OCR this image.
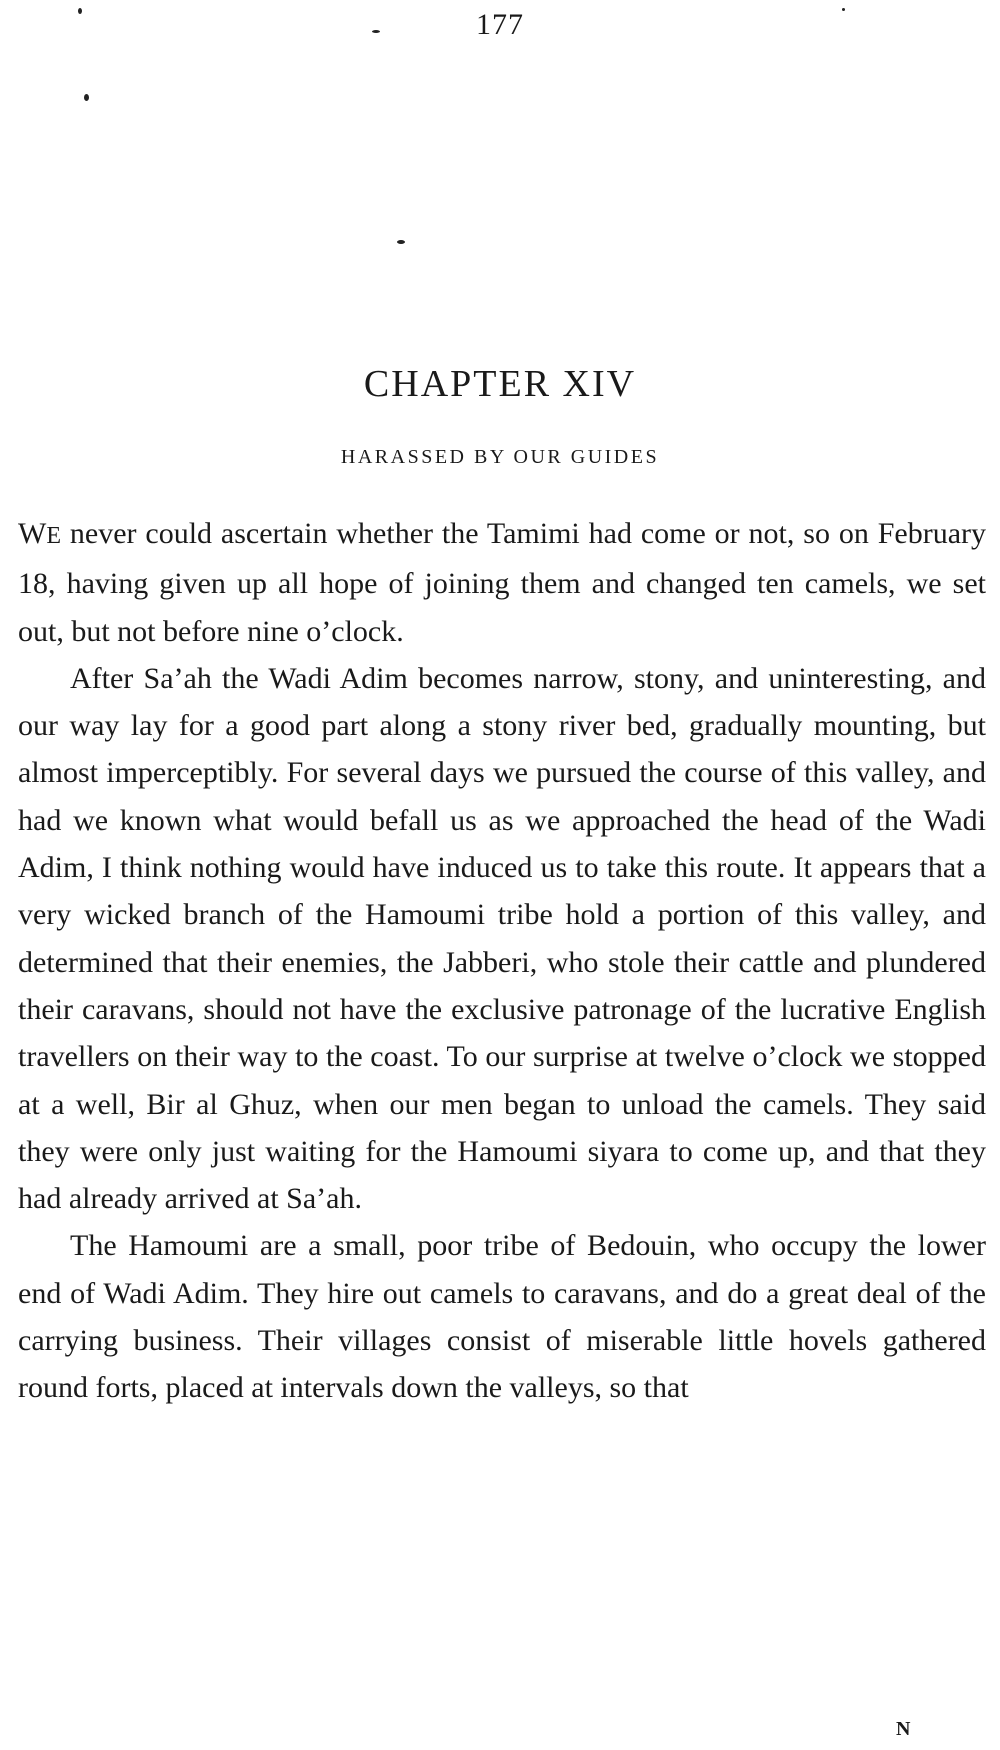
177
CHAPTER XIV
HARASSED BY OUR GUIDES

WE never could ascertain whether the Tamimi had come or not, so on February 18, having given up all hope of joining them and changed ten camels, we set out, but not before nine o’clock.

After Sa’ah the Wadi Adim becomes narrow, stony, and uninteresting, and our way lay for a good part along a stony river bed, gradually mounting, but almost imperceptibly. For several days we pursued the course of this valley, and had we known what would befall us as we approached the head of the Wadi Adim, I think nothing would have induced us to take this route. It appears that a very wicked branch of the Hamoumi tribe hold a portion of this valley, and determined that their enemies, the Jabberi, who stole their cattle and plundered their caravans, should not have the exclusive patronage of the lucrative English travellers on their way to the coast. To our surprise at twelve o’clock we stopped at a well, Bir al Ghuz, when our men began to unload the camels. They said they were only just waiting for the Hamoumi siyara to come up, and that they had already arrived at Sa’ah.

The Hamoumi are a small, poor tribe of Bedouin, who occupy the lower end of Wadi Adim. They hire out camels to caravans, and do a great deal of the carrying business. Their villages consist of miserable little hovels gathered round forts, placed at intervals down the valleys, so that

N
